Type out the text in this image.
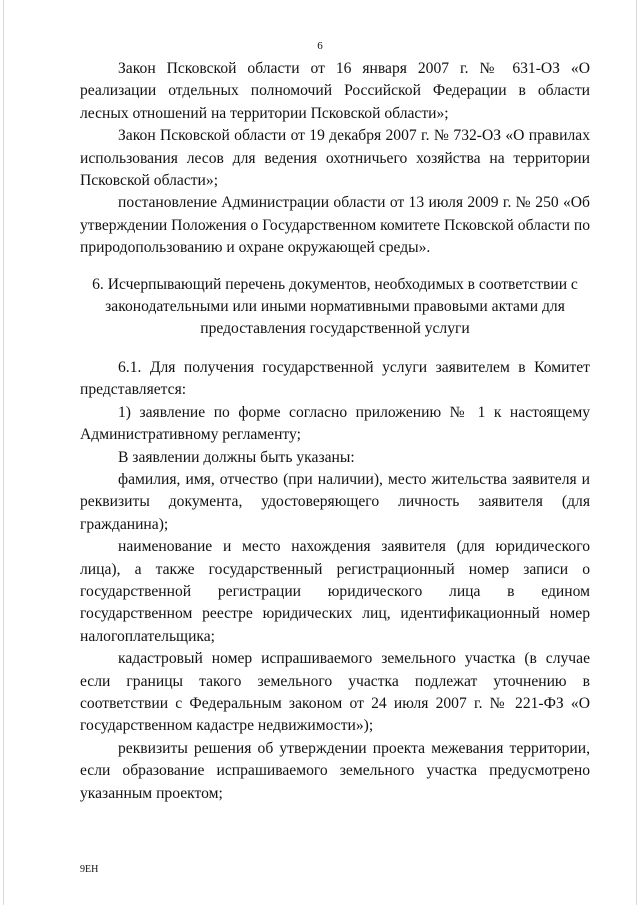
6

Закон Псковской области от 16 января 2007 г. № 631-ОЗ «О реализации отдельных полномочий Российской Федерации в области лесных отношений на территории Псковской области»;

Закон Псковской области от 19 декабря 2007 г. № 732-ОЗ «О правилах использования лесов для ведения охотничьего хозяйства на территории Псковской области»;

постановление Администрации области от 13 июля 2009 г. № 250 «Об утверждении Положения о Государственном комитете Псковской области по природопользованию и охране окружающей среды».

6. Исчерпывающий перечень документов, необходимых в соответствии с законодательными или иными нормативными правовыми актами для предоставления государственной услуги

6.1. Для получения государственной услуги заявителем в Комитет представляется:

1) заявление по форме согласно приложению № 1 к настоящему Административному регламенту;

В заявлении должны быть указаны:

фамилия, имя, отчество (при наличии), место жительства заявителя и реквизиты документа, удостоверяющего личность заявителя (для гражданина);

наименование и место нахождения заявителя (для юридического лица), а также государственный регистрационный номер записи о государственной регистрации юридического лица в едином государственном реестре юридических лиц, идентификационный номер налогоплательщика;

кадастровый номер испрашиваемого земельного участка (в случае если границы такого земельного участка подлежат уточнению в соответствии с Федеральным законом от 24 июля 2007 г. № 221-ФЗ «О государственном кадастре недвижимости»);

реквизиты решения об утверждении проекта межевания территории, если образование испрашиваемого земельного участка предусмотрено указанным проектом;

9ЕН
